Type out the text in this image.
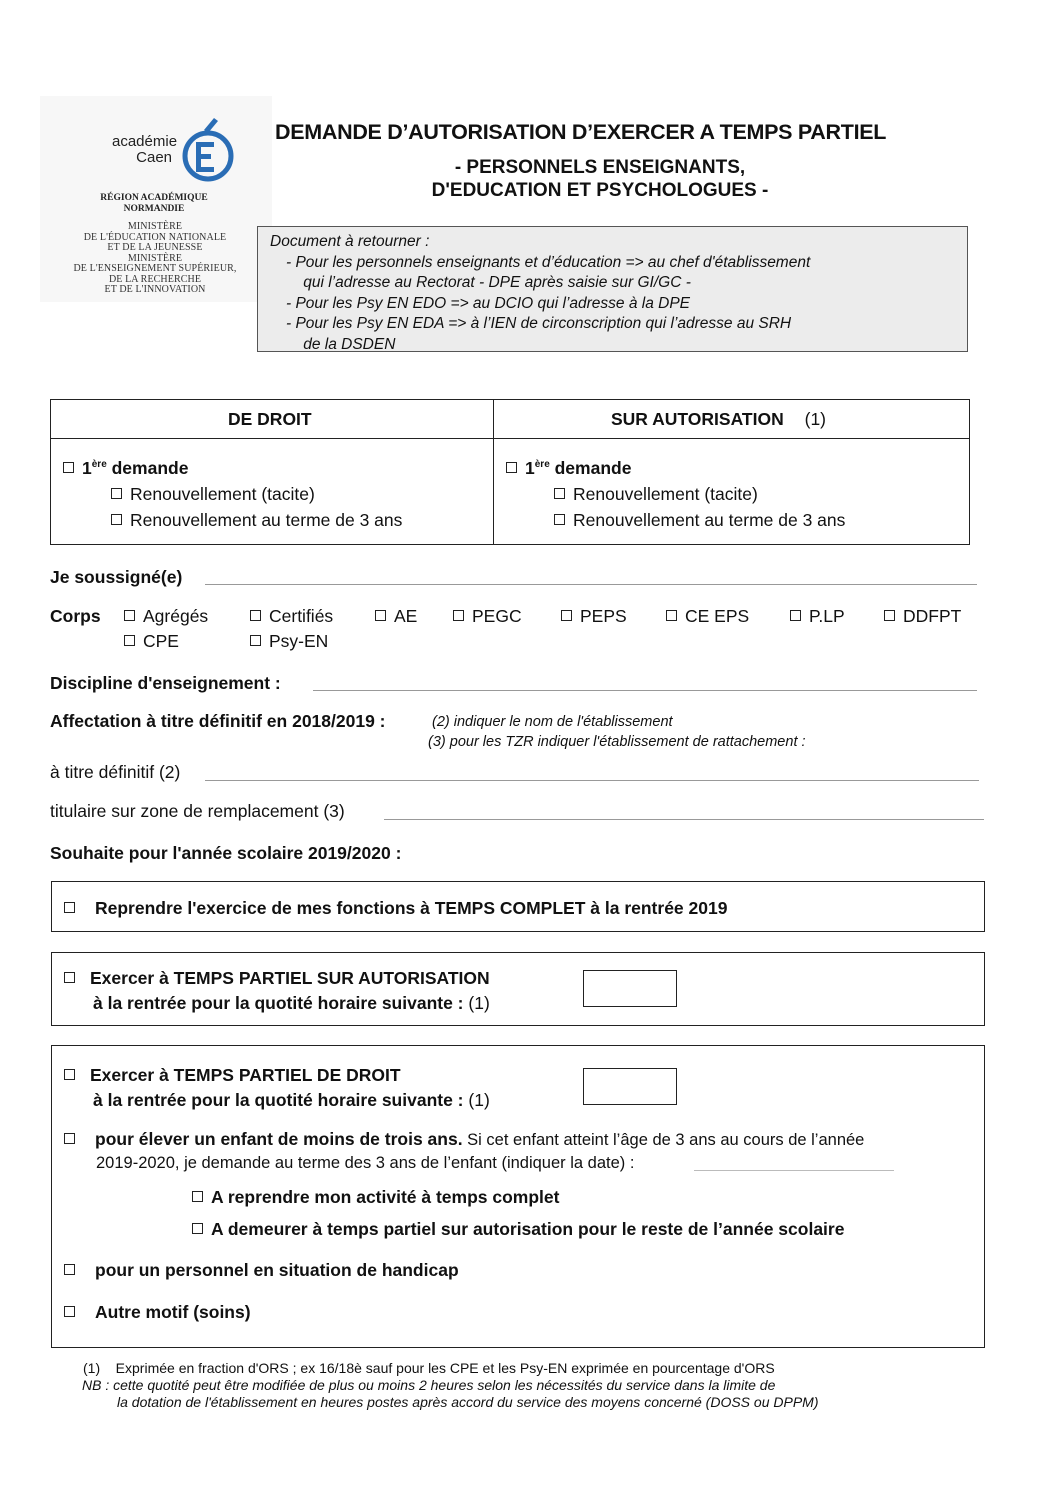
académie
Caen
RÉGION ACADÉMIQUE
NORMANDIE
MINISTÈRE
DE L'ÉDUCATION NATIONALE
ET DE LA JEUNESSE
MINISTÈRE
DE L'ENSEIGNEMENT SUPÉRIEUR,
DE LA RECHERCHE
ET DE L'INNOVATION
DEMANDE D’AUTORISATION D’EXERCER A TEMPS PARTIEL
- PERSONNELS ENSEIGNANTS,
D'EDUCATION ET PSYCHOLOGUES -
Document à retourner :
- Pour les personnels enseignants et d’éducation => au chef d'établissement
qui l’adresse au Rectorat - DPE après saisie sur GI/GC -
- Pour les Psy EN EDO => au DCIO qui l’adresse à la DPE
- Pour les Psy EN EDA => à l’IEN de circonscription qui l’adresse au SRH
de la DSDEN
DE DROIT	SUR AUTORISATION (1)
1ère demande
Renouvellement (tacite)
Renouvellement au terme de 3 ans
1ère demande
Renouvellement (tacite)
Renouvellement au terme de 3 ans
Je soussigné(e)
Corps	Agrégés	Certifiés	AE	PEGC	PEPS	CE EPS	P.LP	DDFPT
CPE	Psy-EN
Discipline d'enseignement :
Affectation à titre définitif en 2018/2019 :	(2) indiquer le nom de l'établissement
(3) pour les TZR indiquer l'établissement de rattachement :
à titre définitif (2)
titulaire sur zone de remplacement (3)
Souhaite pour l'année scolaire 2019/2020 :
Reprendre l'exercice de mes fonctions à TEMPS COMPLET à la rentrée 2019
Exercer à TEMPS PARTIEL SUR AUTORISATION
à la rentrée pour la quotité horaire suivante : (1)
Exercer à TEMPS PARTIEL DE DROIT
à la rentrée pour la quotité horaire suivante : (1)
pour élever un enfant de moins de trois ans. Si cet enfant atteint l’âge de 3 ans au cours de l’année
2019-2020, je demande au terme des 3 ans de l’enfant (indiquer la date) :
A reprendre mon activité à temps complet
A demeurer à temps partiel sur autorisation pour le reste de l’année scolaire
pour un personnel en situation de handicap
Autre motif (soins)
(1)    Exprimée en fraction d'ORS ; ex 16/18è sauf pour les CPE et les Psy-EN exprimée en pourcentage d'ORS
NB : cette quotité peut être modifiée de plus ou moins 2 heures selon les nécessités du service dans la limite de
la dotation de l'établissement en heures postes après accord du service des moyens concerné (DOSS ou DPPM)
